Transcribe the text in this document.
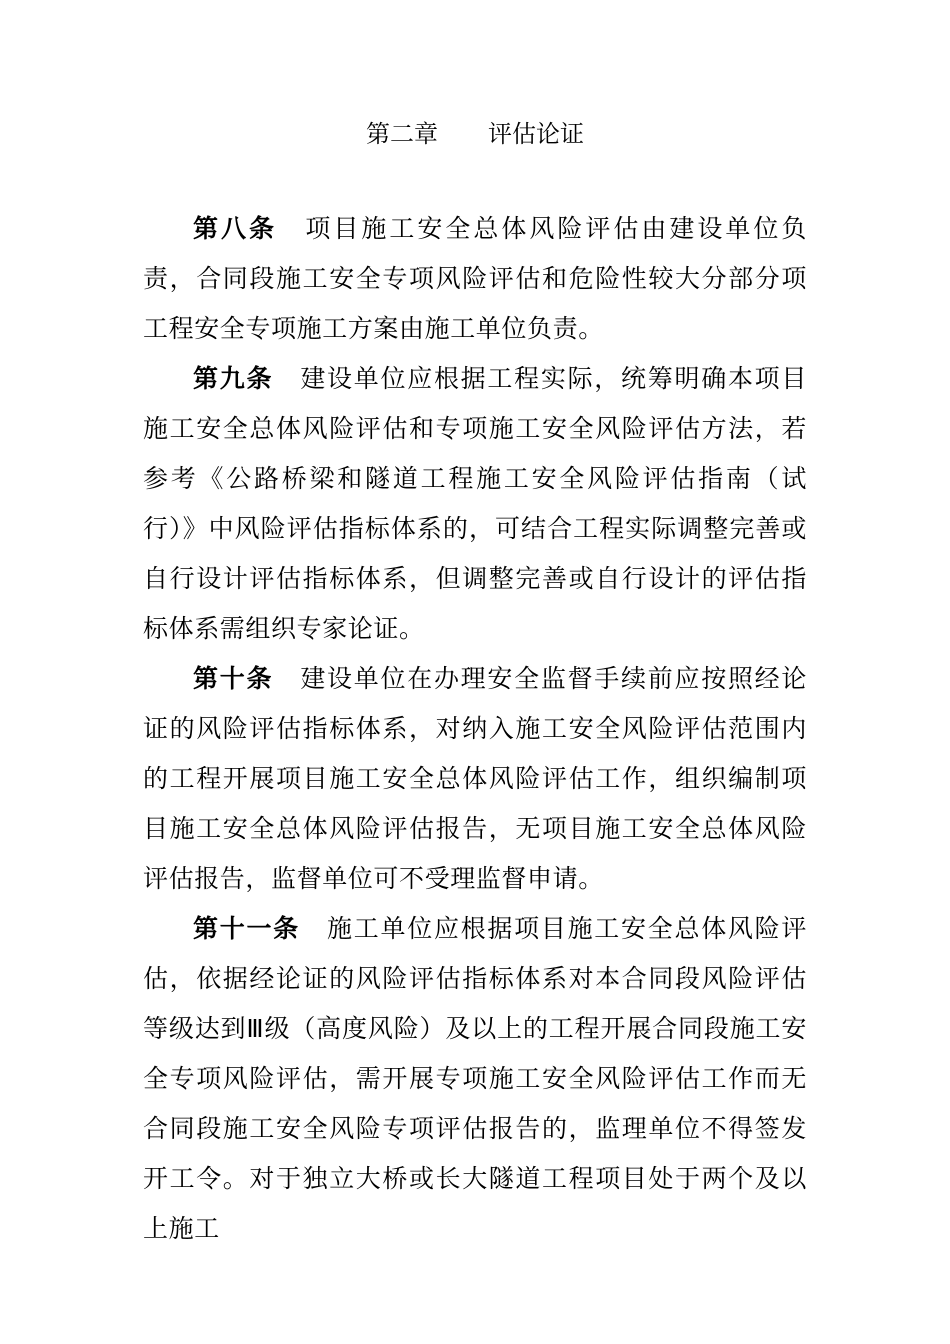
第二章 评估论证

第八条 项目施工安全总体风险评估由建设单位负责，合同段施工安全专项风险评估和危险性较大分部分项工程安全专项施工方案由施工单位负责。

第九条 建设单位应根据工程实际，统筹明确本项目施工安全总体风险评估和专项施工安全风险评估方法，若参考《公路桥梁和隧道工程施工安全风险评估指南（试行）》中风险评估指标体系的，可结合工程实际调整完善或自行设计评估指标体系，但调整完善或自行设计的评估指标体系需组织专家论证。

第十条 建设单位在办理安全监督手续前应按照经论证的风险评估指标体系，对纳入施工安全风险评估范围内的工程开展项目施工安全总体风险评估工作，组织编制项目施工安全总体风险评估报告，无项目施工安全总体风险评估报告，监督单位可不受理监督申请。

第十一条 施工单位应根据项目施工安全总体风险评估，依据经论证的风险评估指标体系对本合同段风险评估等级达到Ⅲ级（高度风险）及以上的工程开展合同段施工安全专项风险评估，需开展专项施工安全风险评估工作而无合同段施工安全风险专项评估报告的，监理单位不得签发开工令。对于独立大桥或长大隧道工程项目处于两个及以上施工
